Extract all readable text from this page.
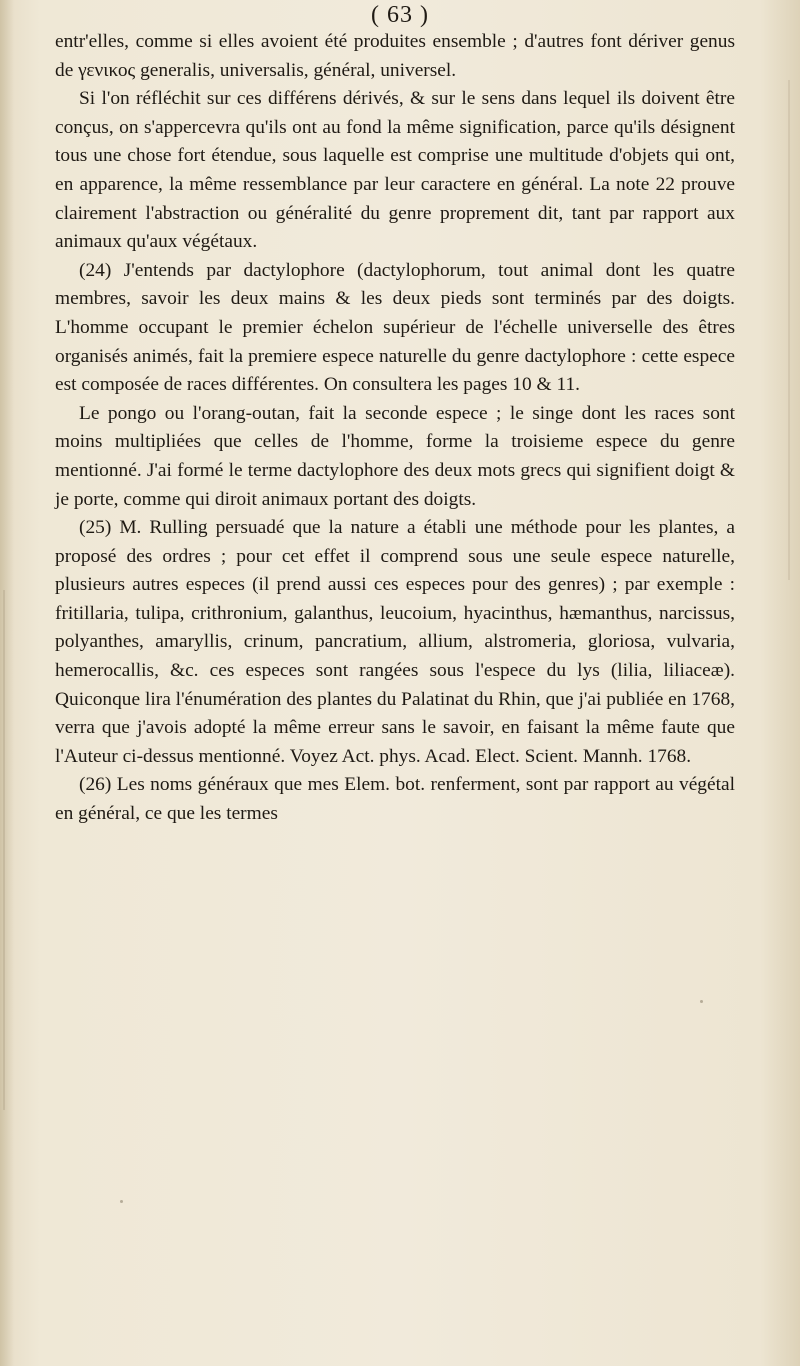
( 63 )

entr'elles, comme si elles avoient été produites ensemble ; d'autres font dériver genus de γενικος generalis, universalis, général, universel.

Si l'on réfléchit sur ces différens dérivés, & sur le sens dans lequel ils doivent être conçus, on s'appercevra qu'ils ont au fond la même signification, parce qu'ils désignent tous une chose fort étendue, sous laquelle est comprise une multitude d'objets qui ont, en apparence, la même ressemblance par leur caractere en général. La note 22 prouve clairement l'abstraction ou généralité du genre proprement dit, tant par rapport aux animaux qu'aux végétaux.

(24) J'entends par dactylophore (dactylophorum, tout animal dont les quatre membres, savoir les deux mains & les deux pieds sont terminés par des doigts. L'homme occupant le premier échelon supérieur de l'échelle universelle des êtres organisés animés, fait la premiere espece naturelle du genre dactylophore : cette espece est composée de races différentes. On consultera les pages 10 & 11.

Le pongo ou l'orang-outan, fait la seconde espece ; le singe dont les races sont moins multipliées que celles de l'homme, forme la troisieme espece du genre mentionné. J'ai formé le terme dactylophore des deux mots grecs qui signifient doigt & je porte, comme qui diroit animaux portant des doigts.

(25) M. Rulling persuadé que la nature a établi une méthode pour les plantes, a proposé des ordres ; pour cet effet il comprend sous une seule espece naturelle, plusieurs autres especes (il prend aussi ces especes pour des genres) ; par exemple : fritillaria, tulipa, crithronium, galanthus, leucoium, hyacinthus, hæmanthus, narcissus, polyanthes, amaryllis, crinum, pancratium, allium, alstromeria, gloriosa, vulvaria, hemerocallis, &c. ces especes sont rangées sous l'espece du lys (lilia, liliaceæ). Quiconque lira l'énumération des plantes du Palatinat du Rhin, que j'ai publiée en 1768, verra que j'avois adopté la même erreur sans le savoir, en faisant la même faute que l'Auteur ci-dessus mentionné. Voyez Act. phys. Acad. Elect. Scient. Mannh. 1768.

(26) Les noms généraux que mes Elem. bot. renferment, sont par rapport au végétal en général, ce que les termes
